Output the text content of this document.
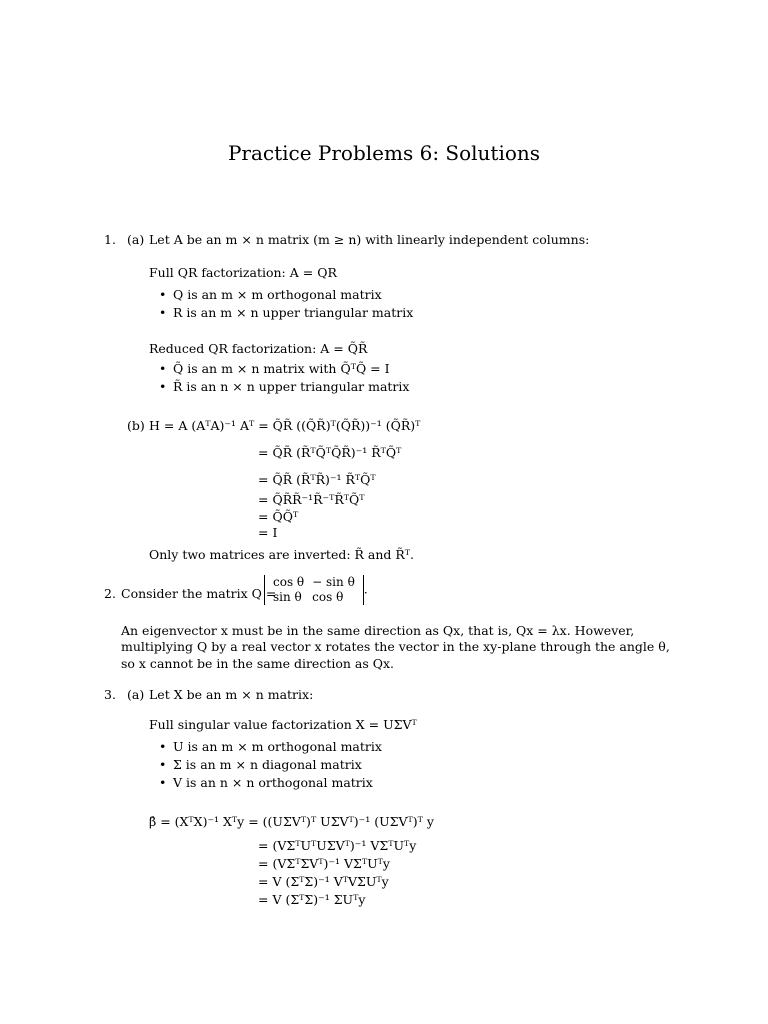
Practice Problems 6: Solutions
1. (a) Let A be an m × n matrix (m ≥ n) with linearly independent columns:
Full QR factorization: A = QR
• Q is an m × m orthogonal matrix
• R is an m × n upper triangular matrix
Reduced QR factorization: A = Q̃R̃
• Q̃ is an m × n matrix with Q̃ᵀQ̃ = I
• R̃ is an n × n upper triangular matrix
(b) H = A (AᵀA)⁻¹ Aᵀ = Q̃R̃ ((Q̃R̃)ᵀ(Q̃R̃))⁻¹ (Q̃R̃)ᵀ
= Q̃R̃ (R̃ᵀQ̃ᵀQ̃R̃)⁻¹ R̃ᵀQ̃ᵀ
= Q̃R̃ (R̃ᵀR̃)⁻¹ R̃ᵀQ̃ᵀ
= Q̃R̃R̃⁻¹R̃⁻ᵀR̃ᵀQ̃ᵀ
= Q̃Q̃ᵀ
= I
Only two matrices are inverted: R̃ and R̃ᵀ.
2. Consider the matrix Q =
cos θ	− sin θ
sin θ	cos θ
.
An eigenvector x must be in the same direction as Qx, that is, Qx = λx. However, multiplying Q by a real vector x rotates the vector in the xy-plane through the angle θ, so x cannot be in the same direction as Qx.
3. (a) Let X be an m × n matrix:
Full singular value factorization X = UΣVᵀ
• U is an m × m orthogonal matrix
• Σ is an m × n diagonal matrix
• V is an n × n orthogonal matrix
β̂ = (XᵀX)⁻¹ Xᵀy = ((UΣVᵀ)ᵀ UΣVᵀ)⁻¹ (UΣVᵀ)ᵀ y
= (VΣᵀUᵀUΣVᵀ)⁻¹ VΣᵀUᵀy
= (VΣᵀΣVᵀ)⁻¹ VΣᵀUᵀy
= V (ΣᵀΣ)⁻¹ VᵀVΣUᵀy
= V (ΣᵀΣ)⁻¹ ΣUᵀy
